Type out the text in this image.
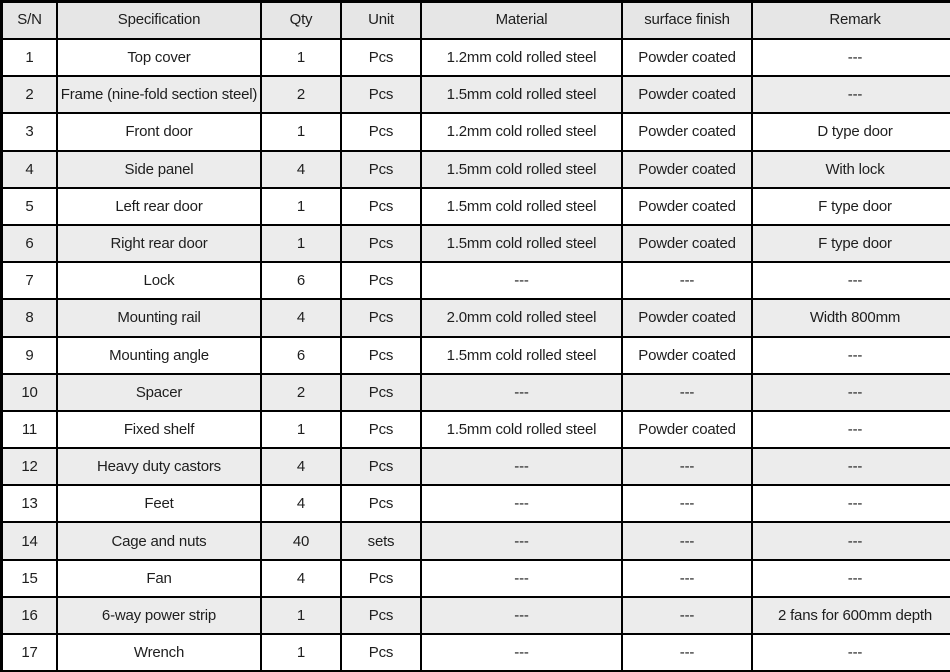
S/N	Specification	Qty	Unit	Material	surface finish	Remark
1	Top cover	1	Pcs	1.2mm cold rolled steel	Powder coated	---
2	Frame (nine-fold section steel)	2	Pcs	1.5mm cold rolled steel	Powder coated	---
3	Front door	1	Pcs	1.2mm cold rolled steel	Powder coated	D type door
4	Side panel	4	Pcs	1.5mm cold rolled steel	Powder coated	With lock
5	Left rear door	1	Pcs	1.5mm cold rolled steel	Powder coated	F type door
6	Right rear door	1	Pcs	1.5mm cold rolled steel	Powder coated	F type door
7	Lock	6	Pcs	---	---	---
8	Mounting rail	4	Pcs	2.0mm cold rolled steel	Powder coated	Width 800mm
9	Mounting angle	6	Pcs	1.5mm cold rolled steel	Powder coated	---
10	Spacer	2	Pcs	---	---	---
11	Fixed shelf	1	Pcs	1.5mm cold rolled steel	Powder coated	---
12	Heavy duty castors	4	Pcs	---	---	---
13	Feet	4	Pcs	---	---	---
14	Cage and nuts	40	sets	---	---	---
15	Fan	4	Pcs	---	---	---
16	6-way power strip	1	Pcs	---	---	2 fans for 600mm depth
17	Wrench	1	Pcs	---	---	---
